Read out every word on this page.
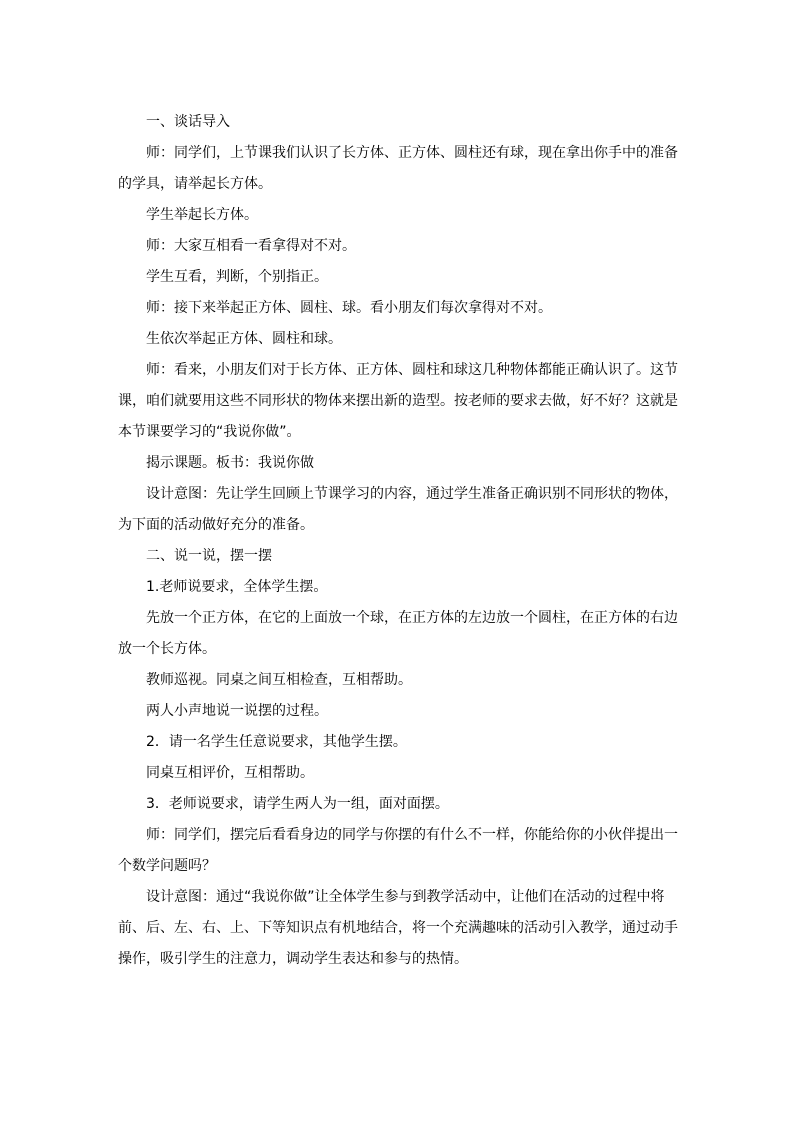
一、谈话导入

师：同学们，上节课我们认识了长方体、正方体、圆柱还有球，现在拿出你手中的准备的学具，请举起长方体。

学生举起长方体。

师：大家互相看一看拿得对不对。

学生互看，判断，个别指正。

师：接下来举起正方体、圆柱、球。看小朋友们每次拿得对不对。

生依次举起正方体、圆柱和球。

师：看来，小朋友们对于长方体、正方体、圆柱和球这几种物体都能正确认识了。这节课，咱们就要用这些不同形状的物体来摆出新的造型。按老师的要求去做，好不好？这就是本节课要学习的“我说你做”。

揭示课题。板书：我说你做

设计意图：先让学生回顾上节课学习的内容，通过学生准备正确识别不同形状的物体，为下面的活动做好充分的准备。

二、说一说，摆一摆

1.老师说要求，全体学生摆。

先放一个正方体，在它的上面放一个球，在正方体的左边放一个圆柱，在正方体的右边放一个长方体。

教师巡视。同桌之间互相检查，互相帮助。

两人小声地说一说摆的过程。

2．请一名学生任意说要求，其他学生摆。

同桌互相评价，互相帮助。

3．老师说要求，请学生两人为一组，面对面摆。

师：同学们，摆完后看看身边的同学与你摆的有什么不一样，你能给你的小伙伴提出一个数学问题吗？

设计意图：通过“我说你做”让全体学生参与到教学活动中，让他们在活动的过程中将前、后、左、右、上、下等知识点有机地结合，将一个充满趣味的活动引入教学，通过动手操作，吸引学生的注意力，调动学生表达和参与的热情。
